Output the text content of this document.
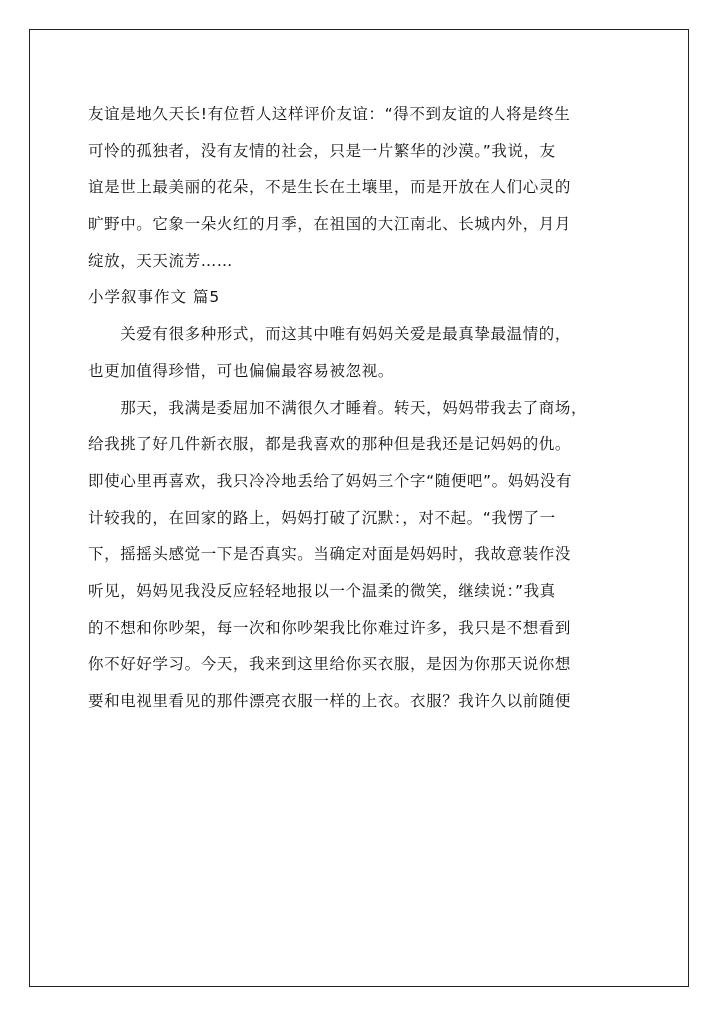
友谊是地久天长!有位哲人这样评价友谊：“得不到友谊的人将是终生
可怜的孤独者，没有友情的社会，只是一片繁华的沙漠。”我说，友
谊是世上最美丽的花朵，不是生长在土壤里，而是开放在人们心灵的
旷野中。它象一朵火红的月季，在祖国的大江南北、长城内外，月月
绽放，天天流芳……
小学叙事作文 篇5
　　关爱有很多种形式，而这其中唯有妈妈关爱是最真挚最温情的，
也更加值得珍惜，可也偏偏最容易被忽视。
　　那天，我满是委屈加不满很久才睡着。转天，妈妈带我去了商场，
给我挑了好几件新衣服，都是我喜欢的那种但是我还是记妈妈的仇。
即使心里再喜欢，我只冷冷地丢给了妈妈三个字“随便吧”。妈妈没有
计较我的，在回家的路上，妈妈打破了沉默：，对不起。“我愣了一
下，摇摇头感觉一下是否真实。当确定对面是妈妈时，我故意装作没
听见，妈妈见我没反应轻轻地报以一个温柔的微笑，继续说：”我真
的不想和你吵架，每一次和你吵架我比你难过许多，我只是不想看到
你不好好学习。今天，我来到这里给你买衣服，是因为你那天说你想
要和电视里看见的那件漂亮衣服一样的上衣。衣服？我许久以前随便
